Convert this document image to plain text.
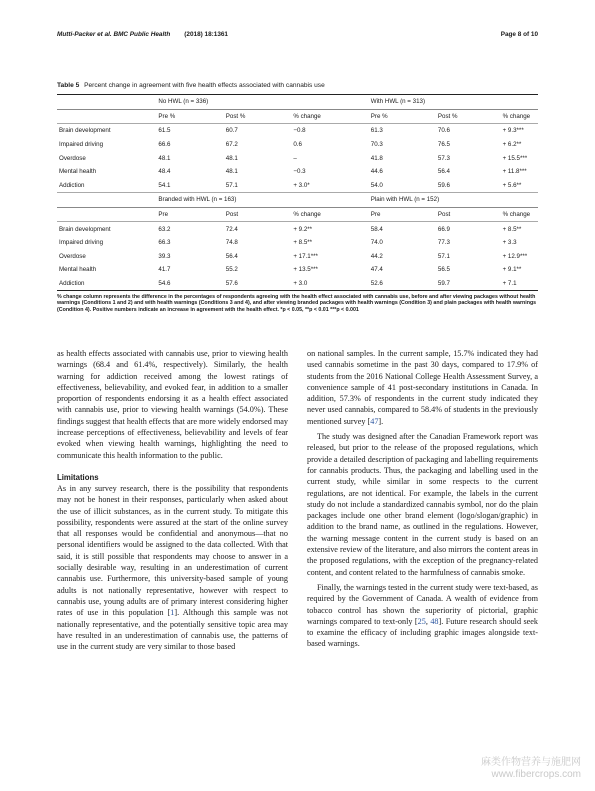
Mutti-Packer et al. BMC Public Health (2018) 18:1361	Page 8 of 10
Table 5 Percent change in agreement with five health effects associated with cannabis use
	No HWL (n = 336)			With HWL (n = 313)		
	Pre %	Post %	% change	Pre %	Post %	% change
Brain development	61.5	60.7	−0.8	61.3	70.6	+ 9.3***
Impaired driving	66.6	67.2	0.6	70.3	76.5	+ 6.2**
Overdose	48.1	48.1	–	41.8	57.3	+ 15.5***
Mental health	48.4	48.1	−0.3	44.6	56.4	+ 11.8***
Addiction	54.1	57.1	+ 3.0*	54.0	59.6	+ 5.6**
	Branded with HWL (n = 163)			Plain with HWL (n = 152)		
	Pre	Post	% change	Pre	Post	% change
Brain development	63.2	72.4	+ 9.2**	58.4	66.9	+ 8.5**
Impaired driving	66.3	74.8	+ 8.5**	74.0	77.3	+ 3.3
Overdose	39.3	56.4	+ 17.1***	44.2	57.1	+ 12.9***
Mental health	41.7	55.2	+ 13.5***	47.4	56.5	+ 9.1**
Addiction	54.6	57.6	+ 3.0	52.6	59.7	+ 7.1
% change column represents the difference in the percentages of respondents agreeing with the health effect associated with cannabis use, before and after viewing packages without health warnings (Conditions 1 and 2) and with health warnings (Conditions 3 and 4), and after viewing branded packages with health warnings (Condition 3) and plain packages with health warnings (Condition 4). Positive numbers indicate an increase in agreement with the health effect. *p < 0.05, **p < 0.01 ***p < 0.001

as health effects associated with cannabis use, prior to viewing health warnings (68.4 and 61.4%, respectively). Similarly, the health warning for addiction received among the lowest ratings of effectiveness, believability, and evoked fear, in addition to a smaller proportion of respondents endorsing it as a health effect associated with cannabis use, prior to viewing health warnings (54.0%). These findings suggest that health effects that are more widely endorsed may increase perceptions of effectiveness, believability and levels of fear evoked when viewing health warnings, highlighting the need to communicate this health information to the public.

Limitations

As in any survey research, there is the possibility that respondents may not be honest in their responses, particularly when asked about the use of illicit substances, as in the current study. To mitigate this possibility, respondents were assured at the start of the online survey that all responses would be confidential and anonymous—that no personal identifiers would be assigned to the data collected. With that said, it is still possible that respondents may choose to answer in a socially desirable way, resulting in an underestimation of current cannabis use. Furthermore, this university-based sample of young adults is not nationally representative, however with respect to cannabis use, young adults are of primary interest considering higher rates of use in this population [1]. Although this sample was not nationally representative, and the potentially sensitive topic area may have resulted in an underestimation of cannabis use, the patterns of use in the current study are very similar to those based

on national samples. In the current sample, 15.7% indicated they had used cannabis sometime in the past 30 days, compared to 17.9% of students from the 2016 National College Health Assessment Survey, a convenience sample of 41 post-secondary institutions in Canada. In addition, 57.3% of respondents in the current study indicated they never used cannabis, compared to 58.4% of students in the previously mentioned survey [47].

The study was designed after the Canadian Framework report was released, but prior to the release of the proposed regulations, which provide a detailed description of packaging and labelling requirements for cannabis products. Thus, the packaging and labelling used in the current study, while similar in some respects to the current regulations, are not identical. For example, the labels in the current study do not include a standardized cannabis symbol, nor do the plain packages include one other brand element (logo/slogan/graphic) in addition to the brand name, as outlined in the regulations. However, the warning message content in the current study is based on an extensive review of the literature, and also mirrors the content areas in the proposed regulations, with the exception of the pregnancy-related content, and content related to the harmfulness of cannabis smoke.

Finally, the warnings tested in the current study were text-based, as required by the Government of Canada. A wealth of evidence from tobacco control has shown the superiority of pictorial, graphic warnings compared to text-only [25, 48]. Future research should seek to examine the efficacy of including graphic images alongside text-based warnings.

麻类作物营养与施肥网
www.fibercrops.com
